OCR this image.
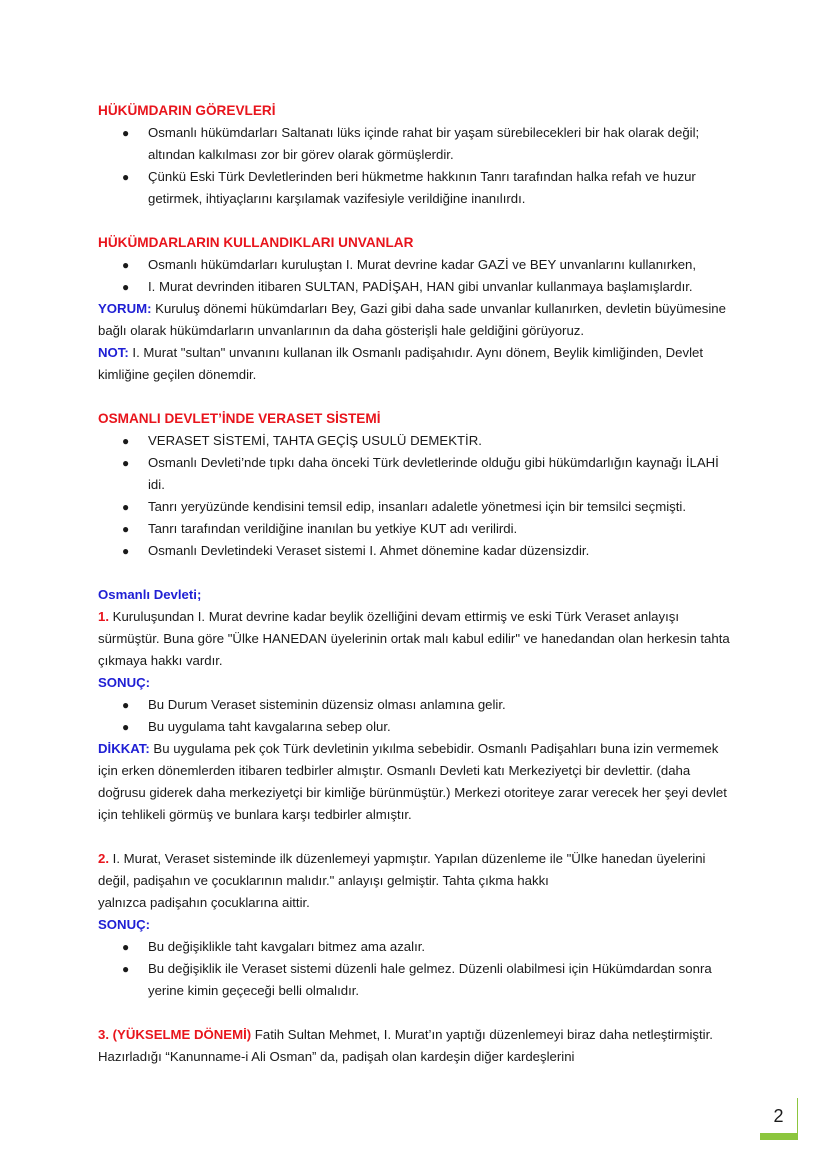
HÜKÜMDARIN GÖREVLERİ

● Osmanlı hükümdarları Saltanatı lüks içinde rahat bir yaşam sürebilecekleri bir hak olarak değil; altından kalkılması zor bir görev olarak görmüşlerdir.
● Çünkü Eski Türk Devletlerinden beri hükmetme hakkının Tanrı tarafından halka refah ve huzur getirmek, ihtiyaçlarını karşılamak vazifesiyle verildiğine inanılırdı.

HÜKÜMDARLARIN KULLANDIKLARI UNVANLAR

● Osmanlı hükümdarları kuruluştan I. Murat devrine kadar GAZİ ve BEY unvanlarını kullanırken,
● I. Murat devrinden itibaren SULTAN, PADİŞAH, HAN gibi unvanlar kullanmaya başlamışlardır.

YORUM: Kuruluş dönemi hükümdarları Bey, Gazi gibi daha sade unvanlar kullanırken, devletin büyümesine bağlı olarak hükümdarların unvanlarının da daha gösterişli hale geldiğini görüyoruz.

NOT: I. Murat "sultan" unvanını kullanan ilk Osmanlı padişahıdır. Aynı dönem, Beylik kimliğinden, Devlet kimliğine geçilen dönemdir.

OSMANLI DEVLET’İNDE VERASET SİSTEMİ

● VERASET SİSTEMİ, TAHTA GEÇİŞ USULÜ DEMEKTİR.
● Osmanlı Devleti’nde tıpkı daha önceki Türk devletlerinde olduğu gibi hükümdarlığın kaynağı İLAHİ idi.
● Tanrı yeryüzünde kendisini temsil edip, insanları adaletle yönetmesi için bir temsilci seçmişti.
● Tanrı tarafından verildiğine inanılan bu yetkiye KUT adı verilirdi.
● Osmanlı Devletindeki Veraset sistemi I. Ahmet dönemine kadar düzensizdir.

Osmanlı Devleti;

1. Kuruluşundan I. Murat devrine kadar beylik özelliğini devam ettirmiş ve eski Türk Veraset anlayışı sürmüştür. Buna göre "Ülke HANEDAN üyelerinin ortak malı kabul edilir" ve hanedandan olan herkesin tahta çıkmaya hakkı vardır.

SONUÇ:

● Bu Durum Veraset sisteminin düzensiz olması anlamına gelir.
● Bu uygulama taht kavgalarına sebep olur.

DİKKAT: Bu uygulama pek çok Türk devletinin yıkılma sebebidir. Osmanlı Padişahları buna izin vermemek için erken dönemlerden itibaren tedbirler almıştır. Osmanlı Devleti katı Merkeziyetçi bir devlettir. (daha doğrusu giderek daha merkeziyetçi bir kimliğe bürünmüştür.) Merkezi otoriteye zarar verecek her şeyi devlet için tehlikeli görmüş ve bunlara karşı tedbirler almıştır.

2. I. Murat, Veraset sisteminde ilk düzenlemeyi yapmıştır. Yapılan düzenleme ile "Ülke hanedan üyelerini değil, padişahın ve çocuklarının malıdır." anlayışı gelmiştir. Tahta çıkma hakkı
yalnızca padişahın çocuklarına aittir.

SONUÇ:

● Bu değişiklikle taht kavgaları bitmez ama azalır.
● Bu değişiklik ile Veraset sistemi düzenli hale gelmez. Düzenli olabilmesi için Hükümdardan sonra yerine kimin geçeceği belli olmalıdır.

3. (YÜKSELME DÖNEMİ) Fatih Sultan Mehmet, I. Murat’ın yaptığı düzenlemeyi biraz daha netleştirmiştir. Hazırladığı “Kanunname-i Ali Osman” da, padişah olan kardeşin diğer kardeşlerini

2
